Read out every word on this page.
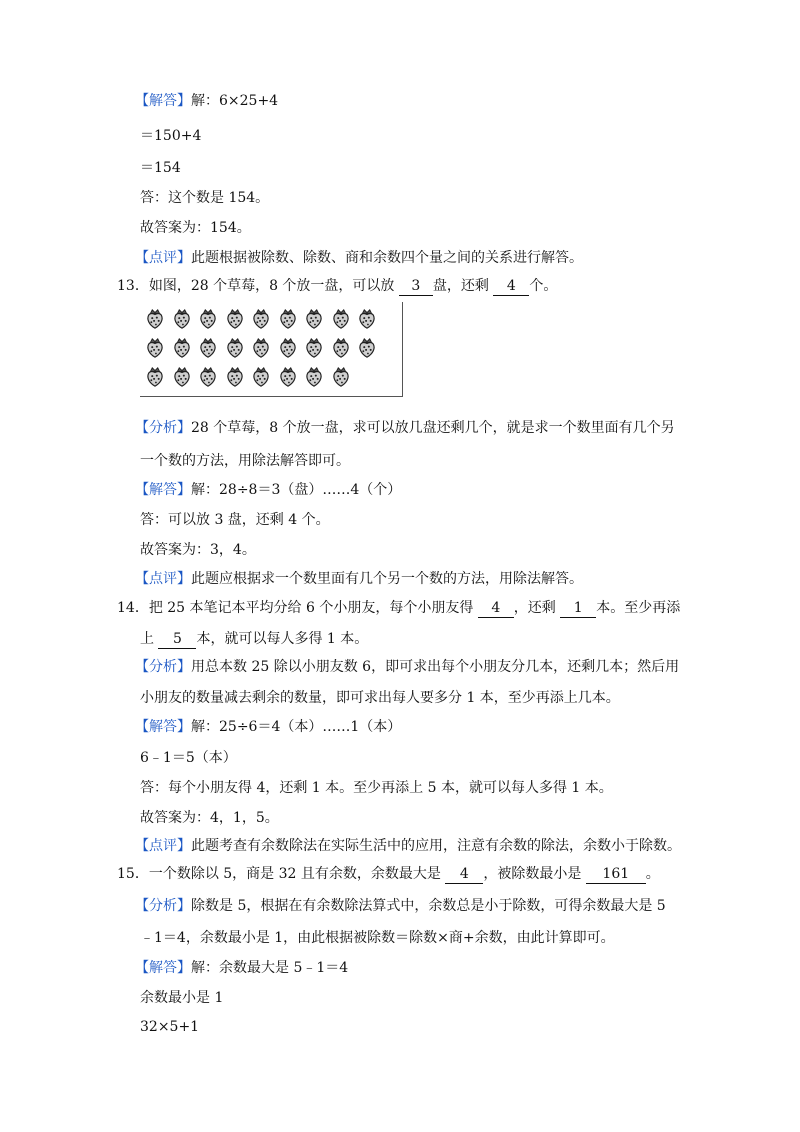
【解答】解：6×25+4
＝150+4
＝154
答：这个数是 154。
故答案为：154。
【点评】此题根据被除数、除数、商和余数四个量之间的关系进行解答。
13．如图，28 个草莓，8 个放一盘，可以放 3 盘，还剩 4 个。
【分析】28 个草莓，8 个放一盘，求可以放几盘还剩几个，就是求一个数里面有几个另
一个数的方法，用除法解答即可。
【解答】解：28÷8＝3（盘）……4（个）
答：可以放 3 盘，还剩 4 个。
故答案为：3，4。
【点评】此题应根据求一个数里面有几个另一个数的方法，用除法解答。
14．把 25 本笔记本平均分给 6 个小朋友，每个小朋友得 4 ，还剩 1 本。至少再添
上 5 本，就可以每人多得 1 本。
【分析】用总本数 25 除以小朋友数 6，即可求出每个小朋友分几本，还剩几本；然后用
小朋友的数量减去剩余的数量，即可求出每人要多分 1 本，至少再添上几本。
【解答】解：25÷6＝4（本）……1（本）
6﹣1＝5（本）
答：每个小朋友得 4，还剩 1 本。至少再添上 5 本，就可以每人多得 1 本。
故答案为：4，1，5。
【点评】此题考查有余数除法在实际生活中的应用，注意有余数的除法，余数小于除数。
15．一个数除以 5，商是 32 且有余数，余数最大是 4 ，被除数最小是 161 。
【分析】除数是 5，根据在有余数除法算式中，余数总是小于除数，可得余数最大是 5
﹣1＝4，余数最小是 1，由此根据被除数＝除数×商+余数，由此计算即可。
【解答】解：余数最大是 5﹣1＝4
余数最小是 1
32×5+1
